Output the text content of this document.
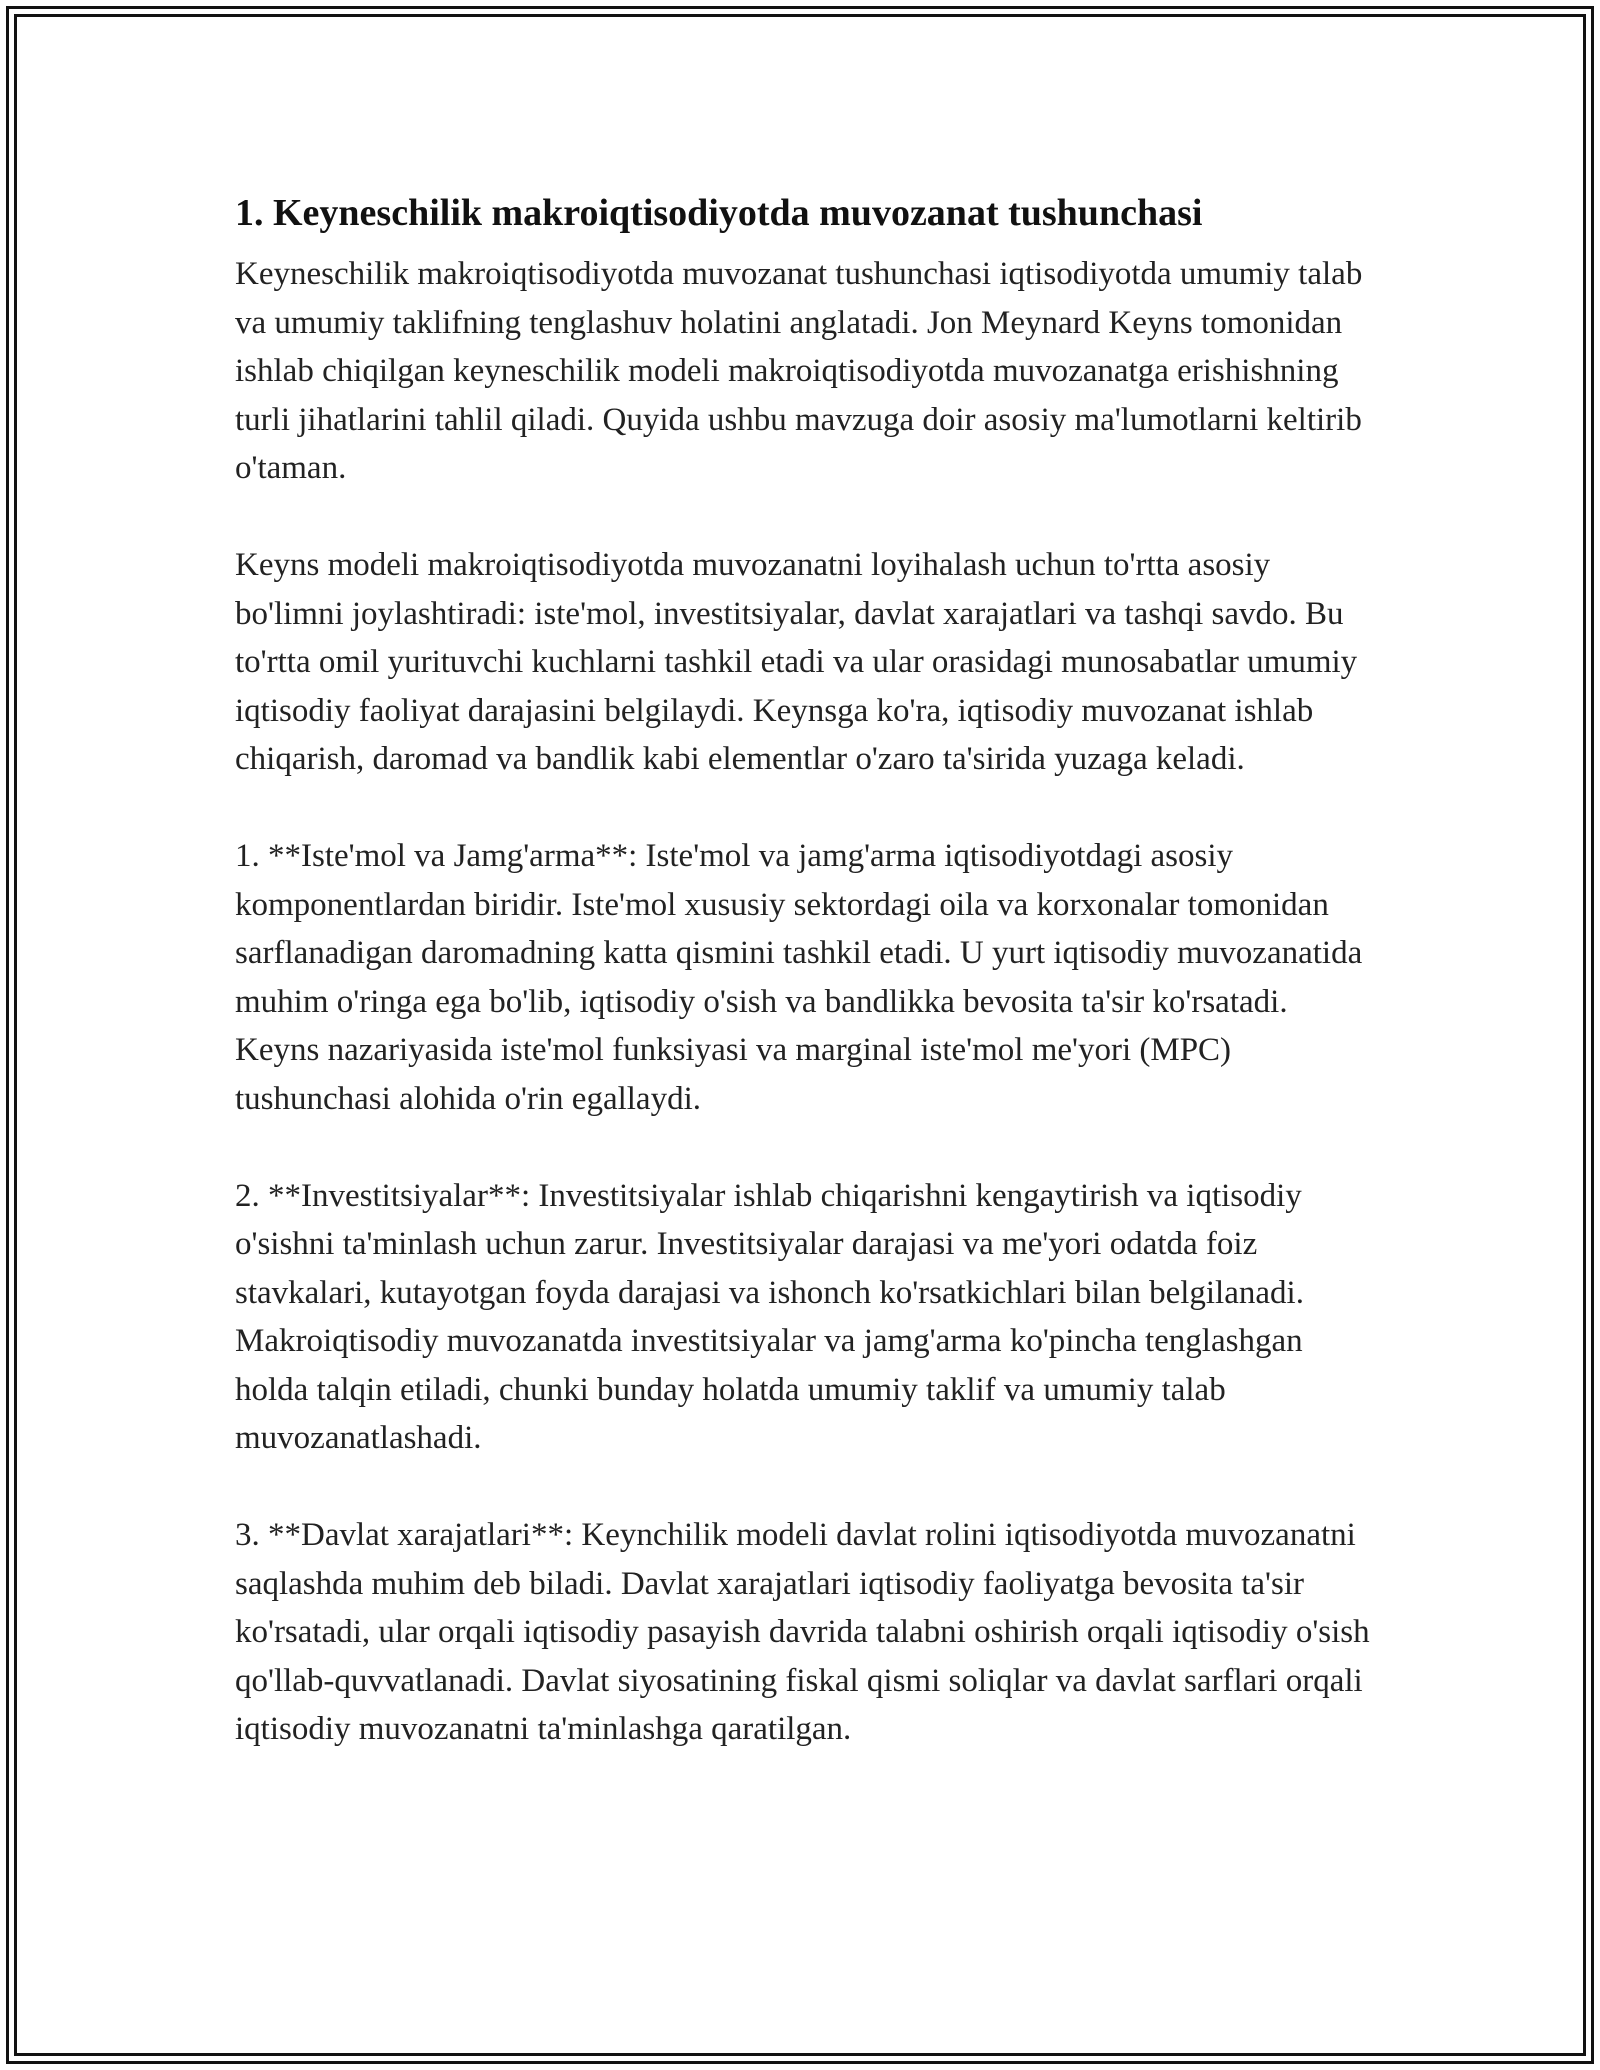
1. Keyneschilik makroiqtisodiyotda muvozanat tushunchasi

Keyneschilik makroiqtisodiyotda muvozanat tushunchasi iqtisodiyotda umumiy talab va umumiy taklifning tenglashuv holatini anglatadi. Jon Meynard Keyns tomonidan ishlab chiqilgan keyneschilik modeli makroiqtisodiyotda muvozanatga erishishning turli jihatlarini tahlil qiladi. Quyida ushbu mavzuga doir asosiy ma'lumotlarni keltirib o'taman.

Keyns modeli makroiqtisodiyotda muvozanatni loyihalash uchun to'rtta asosiy bo'limni joylashtiradi: iste'mol, investitsiyalar, davlat xarajatlari va tashqi savdo. Bu to'rtta omil yurituvchi kuchlarni tashkil etadi va ular orasidagi munosabatlar umumiy iqtisodiy faoliyat darajasini belgilaydi. Keynsga ko'ra, iqtisodiy muvozanat ishlab chiqarish, daromad va bandlik kabi elementlar o'zaro ta'sirida yuzaga keladi.

1. **Iste'mol va Jamg'arma**: Iste'mol va jamg'arma iqtisodiyotdagi asosiy komponentlardan biridir. Iste'mol xususiy sektordagi oila va korxonalar tomonidan sarflanadigan daromadning katta qismini tashkil etadi. U yurt iqtisodiy muvozanatida muhim o'ringa ega bo'lib, iqtisodiy o'sish va bandlikka bevosita ta'sir ko'rsatadi. Keyns nazariyasida iste'mol funksiyasi va marginal iste'mol me'yori (MPC) tushunchasi alohida o'rin egallaydi.

2. **Investitsiyalar**: Investitsiyalar ishlab chiqarishni kengaytirish va iqtisodiy o'sishni ta'minlash uchun zarur. Investitsiyalar darajasi va me'yori odatda foiz stavkalari, kutayotgan foyda darajasi va ishonch ko'rsatkichlari bilan belgilanadi. Makroiqtisodiy muvozanatda investitsiyalar va jamg'arma ko'pincha tenglashgan holda talqin etiladi, chunki bunday holatda umumiy taklif va umumiy talab muvozanatlashadi.

3. **Davlat xarajatlari**: Keynchilik modeli davlat rolini iqtisodiyotda muvozanatni saqlashda muhim deb biladi. Davlat xarajatlari iqtisodiy faoliyatga bevosita ta'sir ko'rsatadi, ular orqali iqtisodiy pasayish davrida talabni oshirish orqali iqtisodiy o'sish qo'llab-quvvatlanadi. Davlat siyosatining fiskal qismi soliqlar va davlat sarflari orqali iqtisodiy muvozanatni ta'minlashga qaratilgan.
